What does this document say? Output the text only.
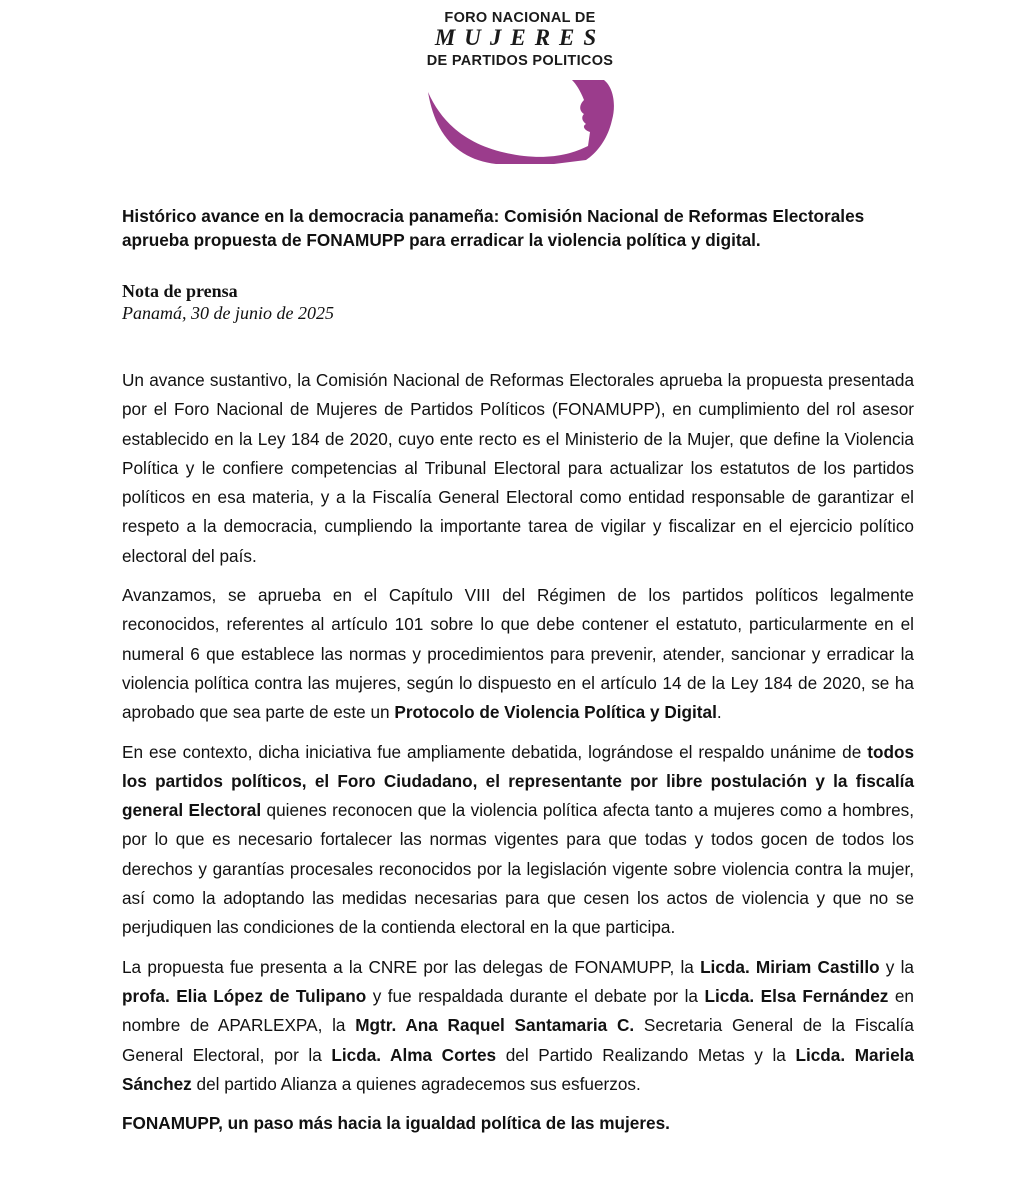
FORO NACIONAL DE
MUJERES
DE PARTIDOS POLITICOS

Histórico avance en la democracia panameña: Comisión Nacional de Reformas Electorales aprueba propuesta de FONAMUPP para erradicar la violencia política y digital.

Nota de prensa

Panamá, 30 de junio de 2025

Un avance sustantivo, la Comisión Nacional de Reformas Electorales aprueba la propuesta presentada por el Foro Nacional de Mujeres de Partidos Políticos (FONAMUPP), en cumplimiento del rol asesor establecido en la Ley 184 de 2020, cuyo ente recto es el Ministerio de la Mujer, que define la Violencia Política y le confiere competencias al Tribunal Electoral para actualizar los estatutos de los partidos políticos en esa materia, y a la Fiscalía General Electoral como entidad responsable de garantizar el respeto a la democracia, cumpliendo la importante tarea de vigilar y fiscalizar en el ejercicio político electoral del país.

Avanzamos, se aprueba en el Capítulo VIII del Régimen de los partidos políticos legalmente reconocidos, referentes al artículo 101 sobre lo que debe contener el estatuto, particularmente en el numeral 6 que establece las normas y procedimientos para prevenir, atender, sancionar y erradicar la violencia política contra las mujeres, según lo dispuesto en el artículo 14 de la Ley 184 de 2020, se ha aprobado que sea parte de este un Protocolo de Violencia Política y Digital.

En ese contexto, dicha iniciativa fue ampliamente debatida, lográndose el respaldo unánime de todos los partidos políticos, el Foro Ciudadano, el representante por libre postulación y la fiscalía general Electoral quienes reconocen que la violencia política afecta tanto a mujeres como a hombres, por lo que es necesario fortalecer las normas vigentes para que todas y todos gocen de todos los derechos y garantías procesales reconocidos por la legislación vigente sobre violencia contra la mujer, así como la adoptando las medidas necesarias para que cesen los actos de violencia y que no se perjudiquen las condiciones de la contienda electoral en la que participa.

La propuesta fue presenta a la CNRE por las delegas de FONAMUPP, la Licda. Miriam Castillo y la profa. Elia López de Tulipano y fue respaldada durante el debate por la Licda. Elsa Fernández en nombre de APARLEXPA, la Mgtr. Ana Raquel Santamaria C. Secretaria General de la Fiscalía General Electoral, por la Licda. Alma Cortes del Partido Realizando Metas y la Licda. Mariela Sánchez del partido Alianza a quienes agradecemos sus esfuerzos.

FONAMUPP, un paso más hacia la igualdad política de las mujeres.
